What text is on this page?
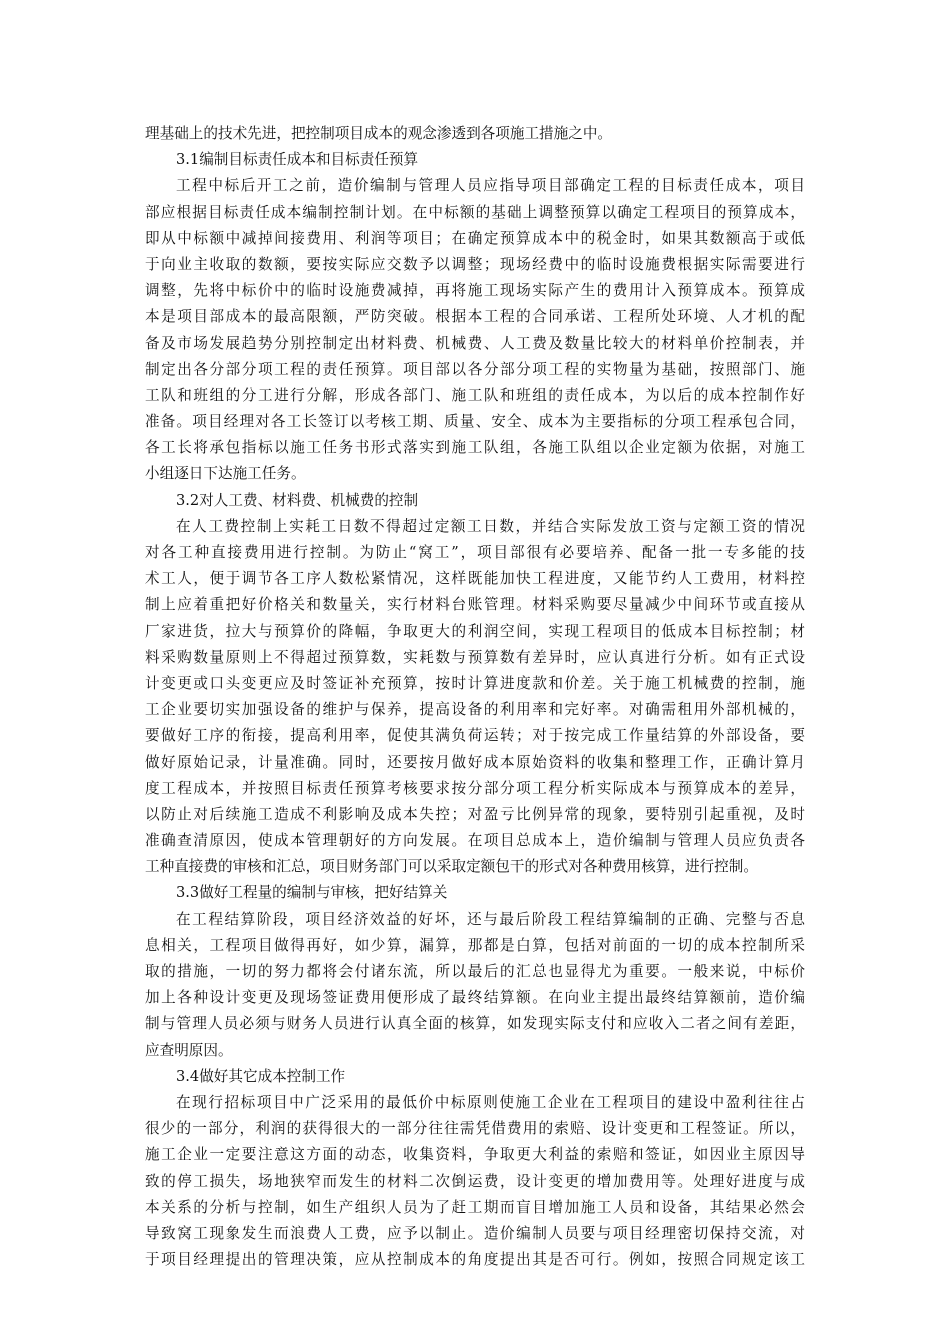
理基础上的技术先进，把控制项目成本的观念渗透到各项施工措施之中。
3.1编制目标责任成本和目标责任预算
工程中标后开工之前，造价编制与管理人员应指导项目部确定工程的目标责任成本，项目
部应根据目标责任成本编制控制计划。在中标额的基础上调整预算以确定工程项目的预算成本，
即从中标额中减掉间接费用、利润等项目；在确定预算成本中的税金时，如果其数额高于或低
于向业主收取的数额，要按实际应交数予以调整；现场经费中的临时设施费根据实际需要进行
调整，先将中标价中的临时设施费减掉，再将施工现场实际产生的费用计入预算成本。预算成
本是项目部成本的最高限额，严防突破。根据本工程的合同承诺、工程所处环境、人才机的配
备及市场发展趋势分别控制定出材料费、机械费、人工费及数量比较大的材料单价控制表，并
制定出各分部分项工程的责任预算。项目部以各分部分项工程的实物量为基础，按照部门、施
工队和班组的分工进行分解，形成各部门、施工队和班组的责任成本，为以后的成本控制作好
准备。项目经理对各工长签订以考核工期、质量、安全、成本为主要指标的分项工程承包合同，
各工长将承包指标以施工任务书形式落实到施工队组，各施工队组以企业定额为依据，对施工
小组逐日下达施工任务。
3.2对人工费、材料费、机械费的控制
在人工费控制上实耗工日数不得超过定额工日数，并结合实际发放工资与定额工资的情况
对各工种直接费用进行控制。为防止“窝工”，项目部很有必要培养、配备一批一专多能的技
术工人，便于调节各工序人数松紧情况，这样既能加快工程进度，又能节约人工费用，材料控
制上应着重把好价格关和数量关，实行材料台账管理。材料采购要尽量减少中间环节或直接从
厂家进货，拉大与预算价的降幅，争取更大的利润空间，实现工程项目的低成本目标控制；材
料采购数量原则上不得超过预算数，实耗数与预算数有差异时，应认真进行分析。如有正式设
计变更或口头变更应及时签证补充预算，按时计算进度款和价差。关于施工机械费的控制，施
工企业要切实加强设备的维护与保养，提高设备的利用率和完好率。对确需租用外部机械的，
要做好工序的衔接，提高利用率，促使其满负荷运转；对于按完成工作量结算的外部设备，要
做好原始记录，计量准确。同时，还要按月做好成本原始资料的收集和整理工作，正确计算月
度工程成本，并按照目标责任预算考核要求按分部分项工程分析实际成本与预算成本的差异，
以防止对后续施工造成不利影响及成本失控；对盈亏比例异常的现象，要特别引起重视，及时
准确查清原因，使成本管理朝好的方向发展。在项目总成本上，造价编制与管理人员应负责各
工种直接费的审核和汇总，项目财务部门可以采取定额包干的形式对各种费用核算，进行控制。
3.3做好工程量的编制与审核，把好结算关
在工程结算阶段，项目经济效益的好坏，还与最后阶段工程结算编制的正确、完整与否息
息相关，工程项目做得再好，如少算，漏算，那都是白算，包括对前面的一切的成本控制所采
取的措施，一切的努力都将会付诸东流，所以最后的汇总也显得尤为重要。一般来说，中标价
加上各种设计变更及现场签证费用便形成了最终结算额。在向业主提出最终结算额前，造价编
制与管理人员必须与财务人员进行认真全面的核算，如发现实际支付和应收入二者之间有差距，
应查明原因。
3.4做好其它成本控制工作
在现行招标项目中广泛采用的最低价中标原则使施工企业在工程项目的建设中盈利往往占
很少的一部分，利润的获得很大的一部分往往需凭借费用的索赔、设计变更和工程签证。所以，
施工企业一定要注意这方面的动态，收集资料，争取更大利益的索赔和签证，如因业主原因导
致的停工损失，场地狭窄而发生的材料二次倒运费，设计变更的增加费用等。处理好进度与成
本关系的分析与控制，如生产组织人员为了赶工期而盲目增加施工人员和设备，其结果必然会
导致窝工现象发生而浪费人工费，应予以制止。造价编制人员要与项目经理密切保持交流，对
于项目经理提出的管理决策，应从控制成本的角度提出其是否可行。例如，按照合同规定该工
